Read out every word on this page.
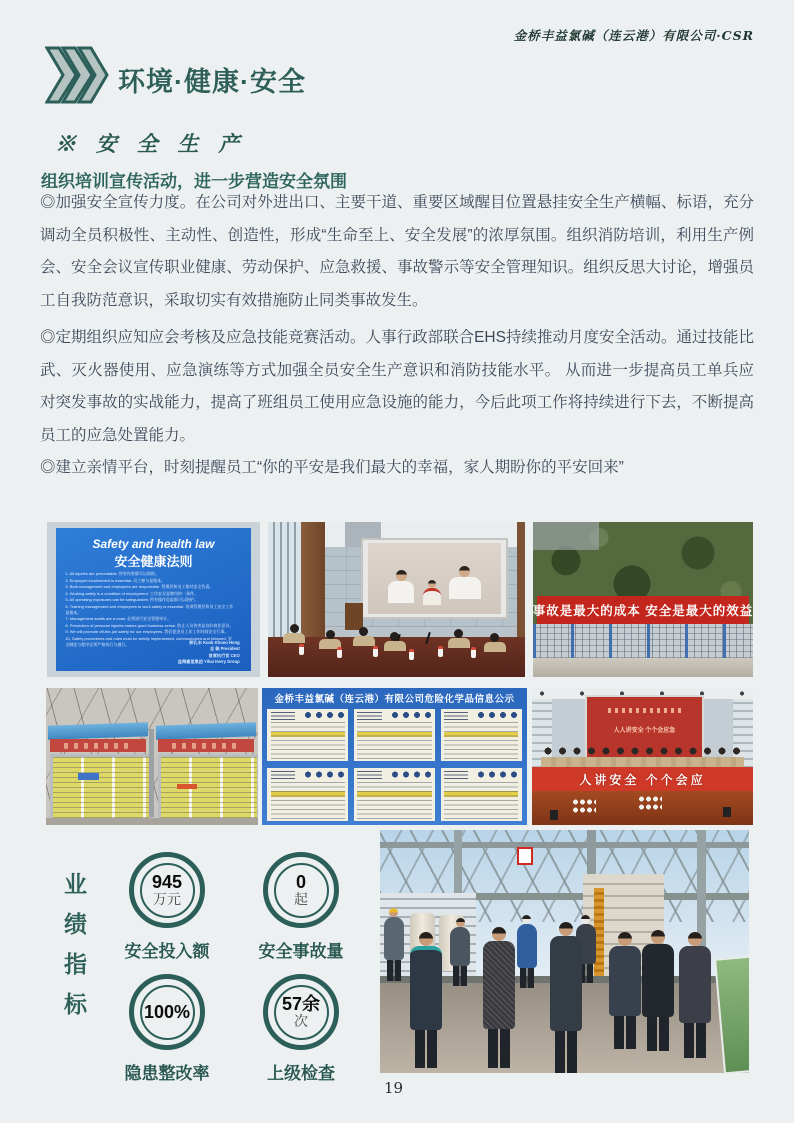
金桥丰益氯碱（连云港）有限公司·CSR
环境·健康·安全
※ 安 全 生 产
组织培训宣传活动，进一步营造安全氛围

◎加强安全宣传力度。在公司对外进出口、主要干道、重要区域醒目位置悬挂安全生产横幅、标语，充分调动全员积极性、主动性、创造性，形成“生命至上、安全发展”的浓厚氛围。组织消防培训，利用生产例会、安全会议宣传职业健康、劳动保护、应急救援、事故警示等安全管理知识。组织反思大讨论，增强员工自我防范意识，采取切实有效措施防止同类事故发生。

◎定期组织应知应会考核及应急技能竞赛活动。人事行政部联合EHS持续推动月度安全活动。通过技能比武、灭火器使用、应急演练等方式加强全员安全生产意识和消防技能水平。 从而进一步提高员工单兵应对突发事故的实战能力，提高了班组员工使用应急设施的能力，今后此项工作将持续进行下去，不断提高员工的应急处置能力。

◎建立亲情平台，时刻提醒员工“你的平安是我们最大的幸福，家人期盼你的平安回来”

Safety and health law
安全健康法则
1. All injuries are preventable. 所有伤害都可以预防。
2. Employee involvement is essential. 员工参与是根本。
3. Both management and employees are responsible. 管理层和员工都对安全负责。
4. Working safely is a condition of employment. 工作安全是聘用的一条件。
5. All operating exposures can be safeguarded. 所有操作危险都可以防护。
6. Training management and employees to work safely is essential. 培训管理层和员工安全工作是根本。
7. Management audits are a must. 必须进行安全管理审计。
8. Prevention of personal injuries makes good business sense. 防止人员伤害是良好商业意识。
9. We will promote off-the-job safety for our employees. 我们促进员工非工作时间安全行事。
10. Safety procedures and rules must be strictly implemented, communicated and followed. 安全制度与程序必须严格执行与遵行。	郭孔丰 Kuok Khoon Hong
总 裁 President
首席执行官 CEO
益海嘉里集团 Yihai Kerry Group
事故是最大的成本 安全是最大的效益
金桥丰益氯碱（连云港）有限公司危险化学品信息公示
人人讲安全 个个会应急
人讲安全 个个会应
业绩指标	945
万元
安全投入额
0
起
安全事故量
100%
隐患整改率
57余
次
上级检查
19
